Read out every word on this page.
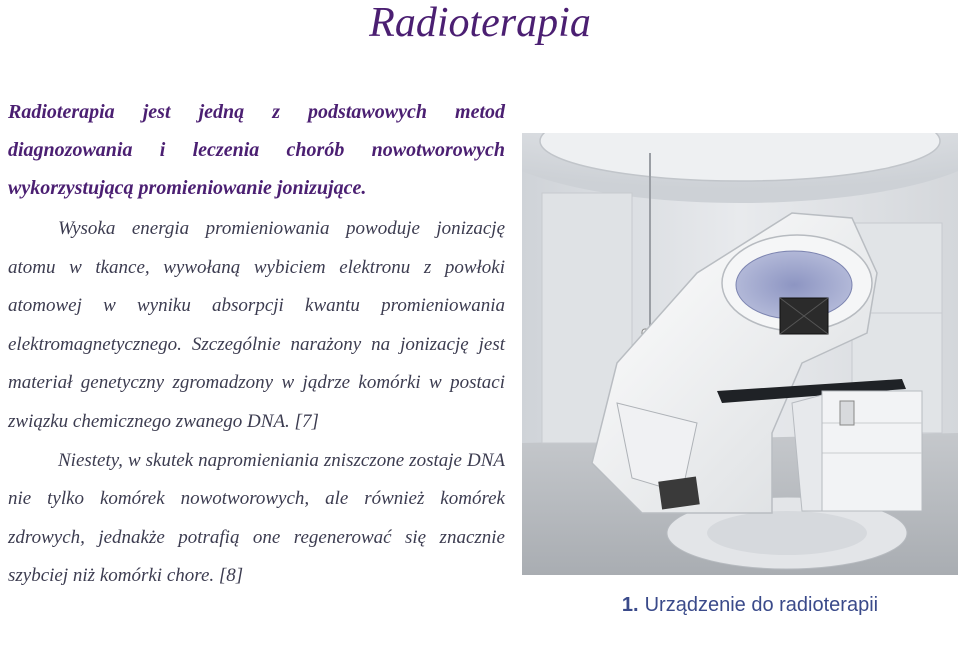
Radioterapia
Radioterapia jest jedną z podstawowych metod
diagnozowania i leczenia chorób nowotworowych
wykorzystującą promieniowanie jonizujące.

Wysoka energia promieniowania powoduje jonizację atomu w tkance, wywołaną wybiciem elektronu z powłoki atomowej w wyniku absorpcji kwantu promieniowania elektromagnetycznego. Szczególnie narażony na jonizację jest materiał genetyczny zgromadzony w jądrze komórki w postaci związku chemicznego zwanego DNA. [7]

Niestety, w skutek napromieniania zniszczone zostaje DNA nie tylko komórek nowotworowych, ale również komórek zdrowych, jednakże potrafią one regenerować się znacznie szybciej niż komórki chore. [8]

1. Urządzenie do radioterapii
